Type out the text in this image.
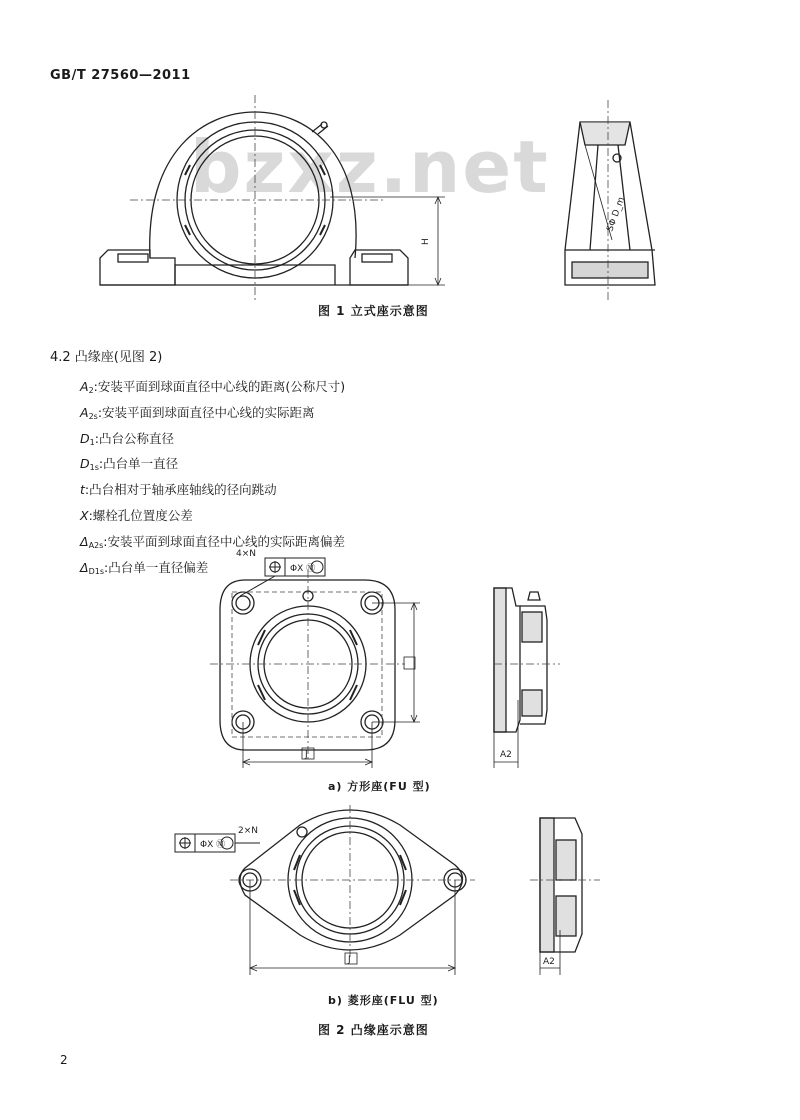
GB/T 27560—2011
bzxz.net
H
SΦ D_m
图 1 立式座示意图
4.2 凸缘座(见图 2)
$A_2$:安装平面到球面直径中心线的距离(公称尺寸)
$A_{2s}$:安装平面到球面直径中心线的实际距离
$D_1$:凸台公称直径
$D_{1s}$:凸台单一直径
t:凸台相对于轴承座轴线的径向跳动
X:螺栓孔位置度公差
$\Delta_{A2s}$:安装平面到球面直径中心线的实际距离偏差
$\Delta_{D1s}$:凸台单一直径偏差
4×N
ΦX Ⓜ
J	A2
a) 方形座(FU 型)
2×N
ΦX Ⓜ
J	A2
b) 菱形座(FLU 型)
图 2 凸缘座示意图
2
